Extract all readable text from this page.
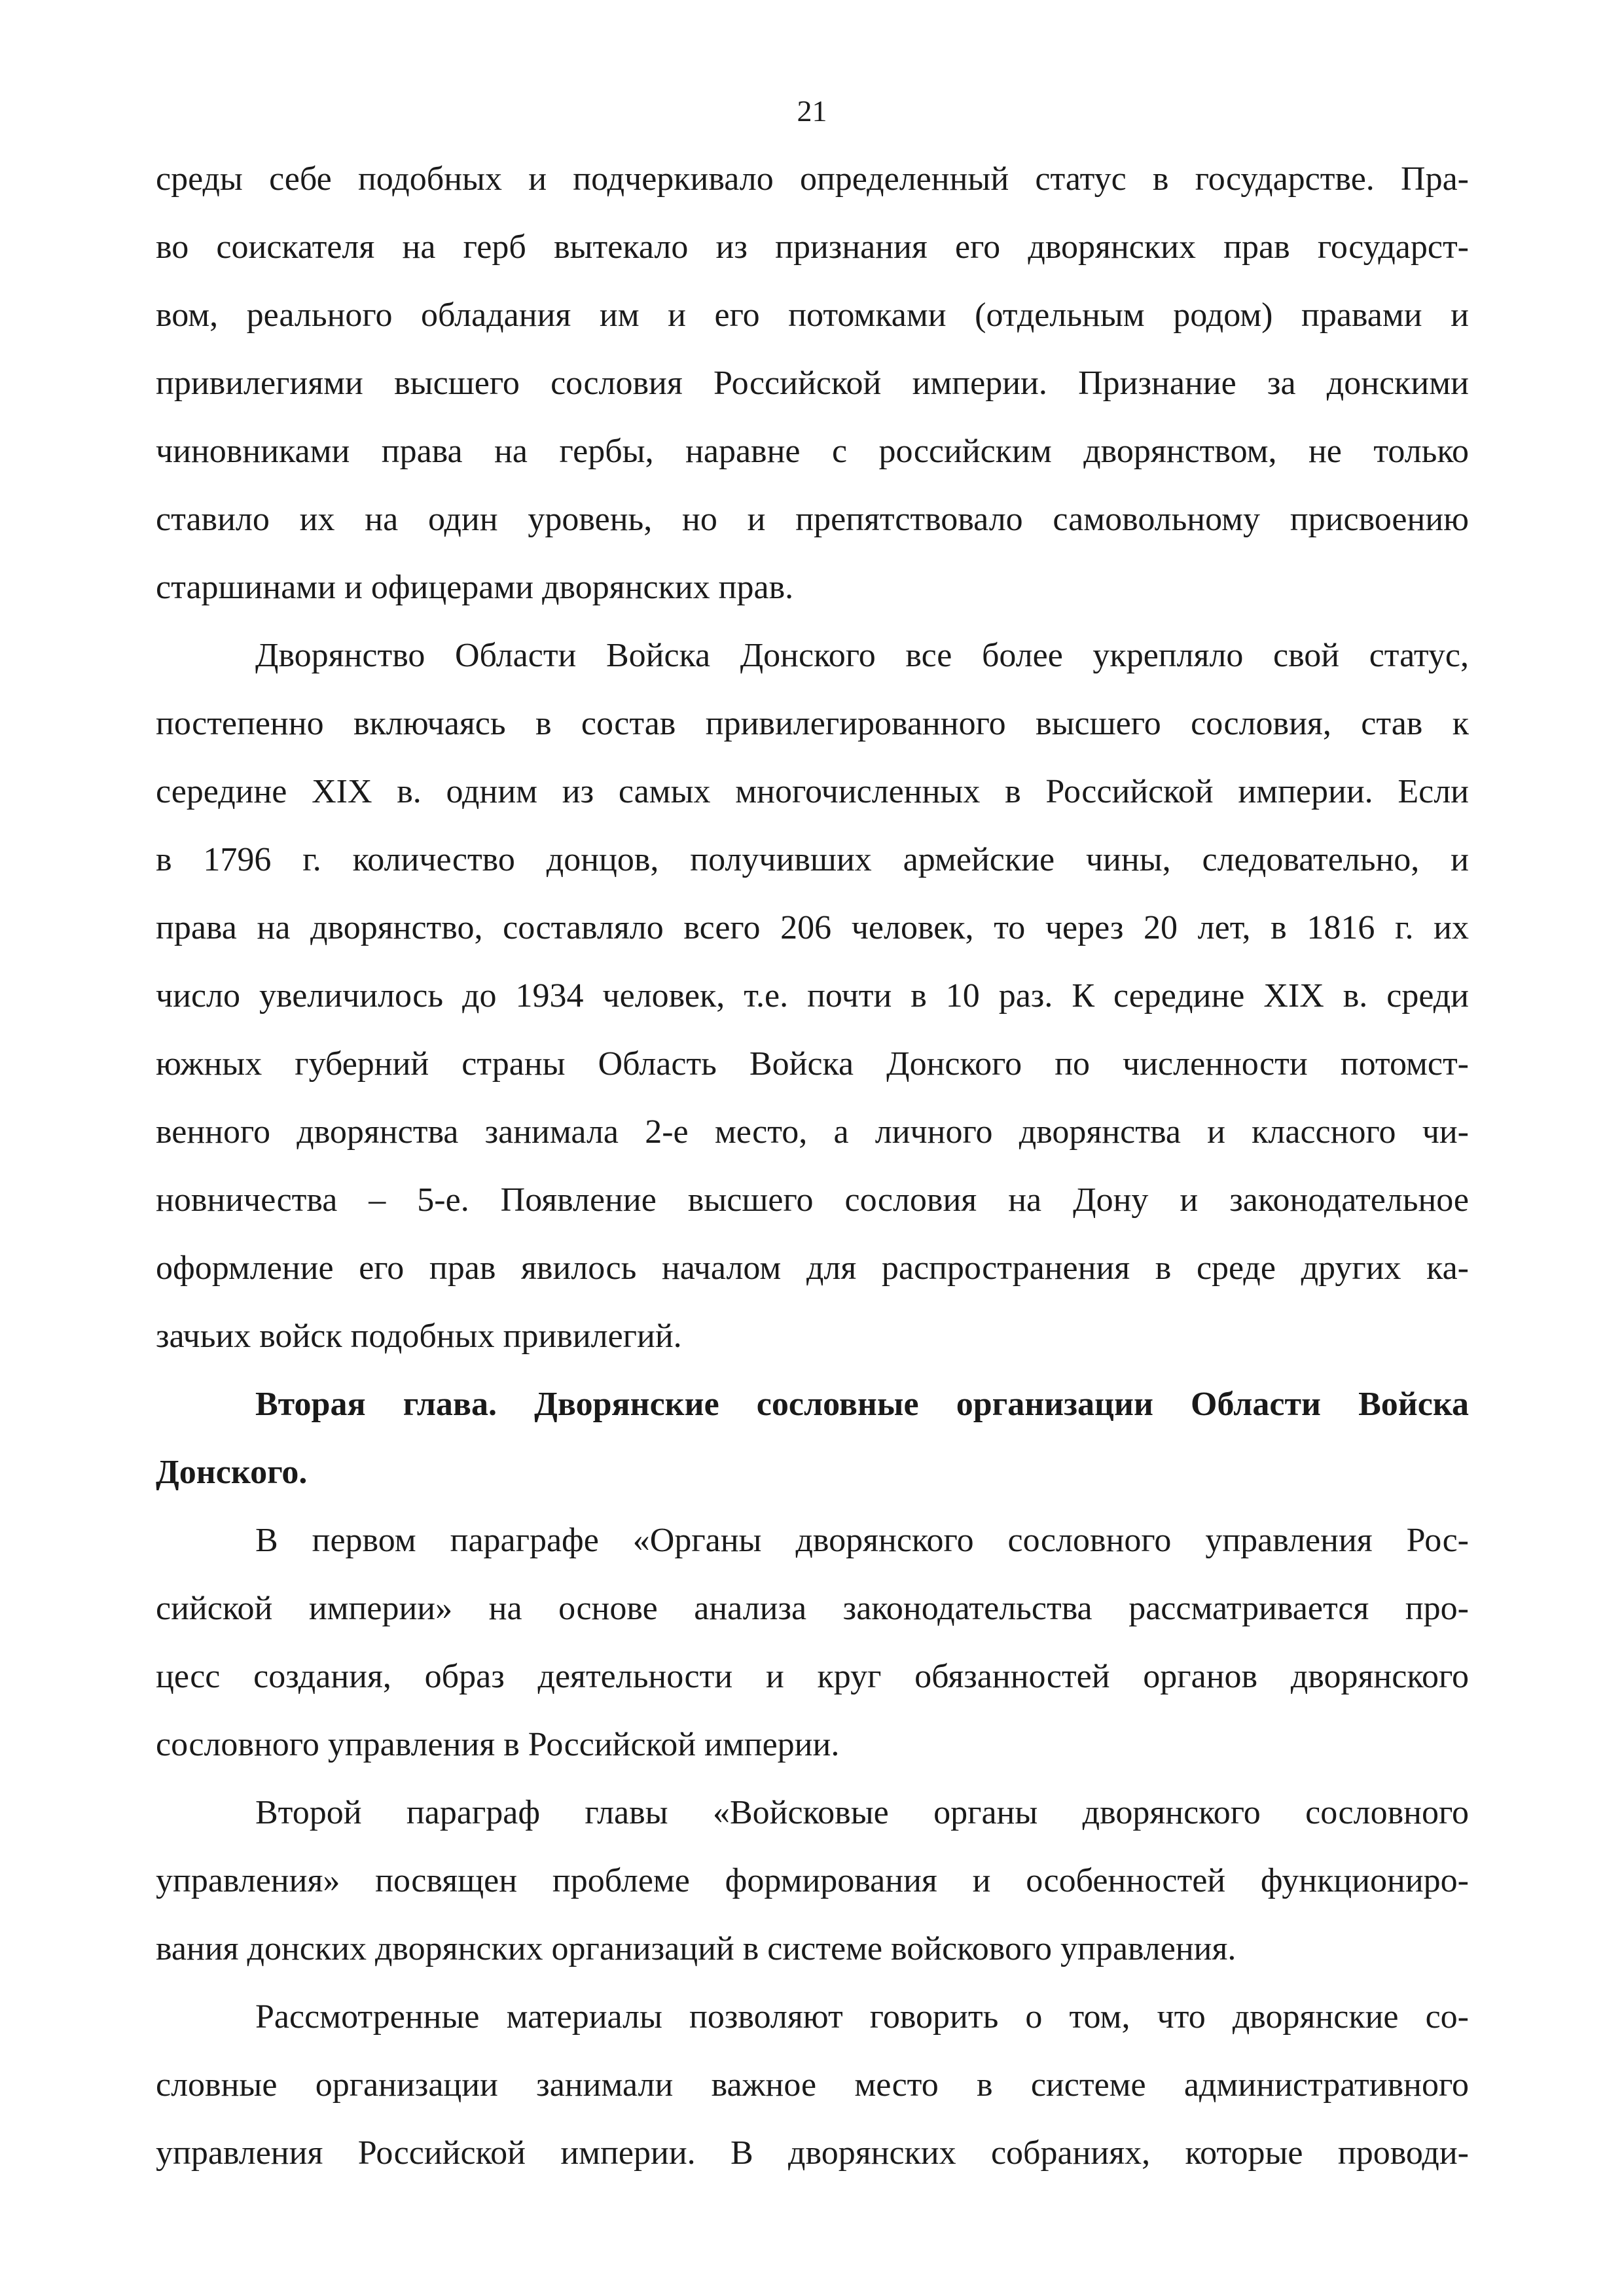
21
среды себе подобных и подчеркивало определенный статус в государстве. Пра-
во соискателя на герб вытекало из признания его дворянских прав государст-
вом, реального обладания им и его потомками (отдельным родом) правами и
привилегиями высшего сословия Российской империи. Признание за донскими
чиновниками права на гербы, наравне с российским дворянством, не только
ставило их на один уровень, но и препятствовало самовольному присвоению
старшинами и офицерами дворянских прав.
Дворянство Области Войска Донского все более укрепляло свой статус,
постепенно включаясь в состав привилегированного высшего сословия, став к
середине XIX в. одним из самых многочисленных в Российской империи. Если
в 1796 г. количество донцов, получивших армейские чины, следовательно, и
права на дворянство, составляло всего 206 человек, то через 20 лет, в 1816 г. их
число увеличилось до 1934 человек, т.е. почти в 10 раз. К середине XIX в. среди
южных губерний страны Область Войска Донского по численности потомст-
венного дворянства занимала 2-е место, а личного дворянства и классного чи-
новничества – 5-е. Появление высшего сословия на Дону и законодательное
оформление его прав явилось началом для распространения в среде других ка-
зачьих войск подобных привилегий.
Вторая глава. Дворянские сословные организации Области Войска
Донского.
В первом параграфе «Органы дворянского сословного управления Рос-
сийской империи» на основе анализа законодательства рассматривается про-
цесс создания, образ деятельности и круг обязанностей органов дворянского
сословного управления в Российской империи.
Второй параграф главы «Войсковые органы дворянского сословного
управления» посвящен проблеме формирования и особенностей функциониро-
вания донских дворянских организаций в системе войскового управления.
Рассмотренные материалы позволяют говорить о том, что дворянские со-
словные организации занимали важное место в системе административного
управления Российской империи. В дворянских собраниях, которые проводи-
